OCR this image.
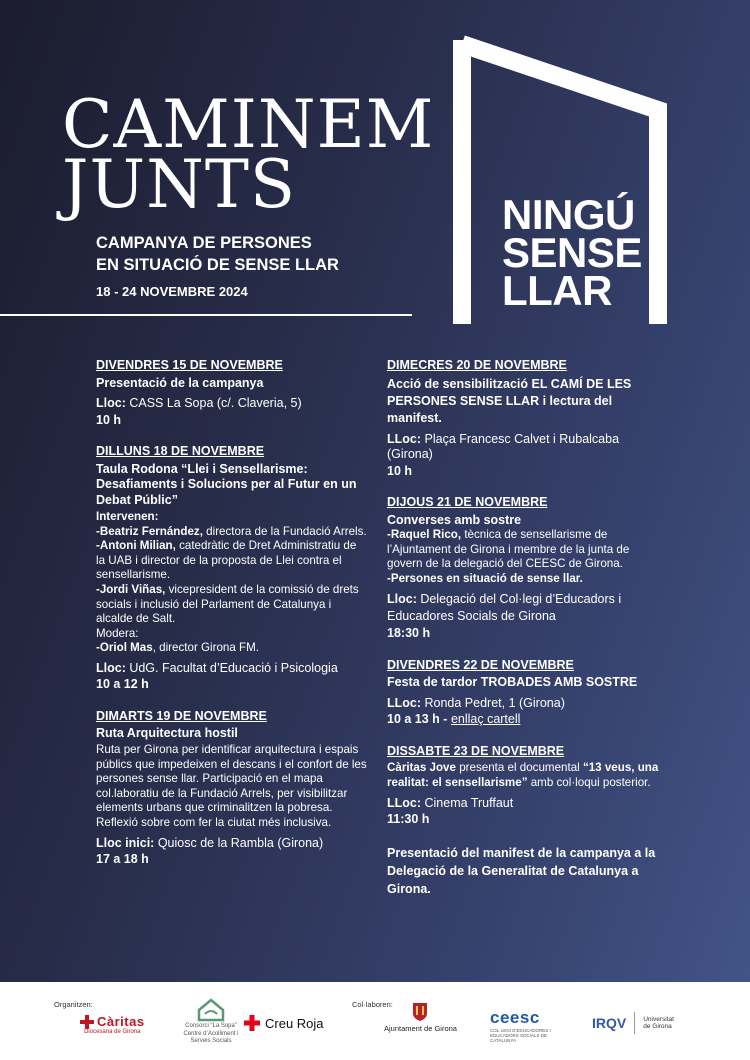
CAMINEM
JUNTS
CAMPANYA DE PERSONES
EN SITUACIÓ DE SENSE LLAR
18 - 24 NOVEMBRE 2024
NINGÚ
SENSE
LLAR
DIVENDRES 15 DE NOVEMBRE
Presentació de la campanya
Lloc: CASS La Sopa (c/. Claveria, 5)
10 h
DILLUNS 18 DE NOVEMBRE
Taula Rodona “Llei i Sensellarisme: Desafiaments i Solucions per al Futur en un Debat Públic”
Intervenen:
-Beatriz Fernández, directora de la Fundació Arrels.
-Antoni Milian, catedràtic de Dret Administratiu de la UAB i director de la proposta de Llei contra el sensellarisme.
-Jordi Viñas, vicepresident de la comissió de drets socials i inclusió del Parlament de Catalunya i alcalde de Salt.
Modera:
-Oriol Mas, director Girona FM.
Lloc: UdG. Facultat d’Educació i Psicologia
10 a 12 h
DIMARTS 19 DE NOVEMBRE
Ruta Arquitectura hostil
Ruta per Girona per identificar arquitectura i espais públics que impedeixen el descans i el confort de les persones sense llar. Participació en el mapa col.laboratiu de la Fundació Arrels, per visibilitzar elements urbans que criminalitzen la pobresa. Reflexió sobre com fer la ciutat més inclusiva.
Lloc inici: Quiosc de la Rambla (Girona)
17 a 18 h
DIMECRES 20 DE NOVEMBRE
Acció de sensibilització EL CAMÍ DE LES PERSONES SENSE LLAR i lectura del manifest.
LLoc: Plaça Francesc Calvet i Rubalcaba (Girona)
10 h
DIJOUS 21 DE NOVEMBRE
Converses amb sostre
-Raquel Rico, tècnica de sensellarisme de l’Ajuntament de Girona i membre de la junta de govern de la delegació del CEESC de Girona.
-Persones en situació de sense llar.
Lloc: Delegació del Col·legi d’Educadors i Educadores Socials de Girona
18:30 h
DIVENDRES 22 DE NOVEMBRE
Festa de tardor TROBADES AMB SOSTRE
LLoc: Ronda Pedret, 1 (Girona)
10 a 13 h - enllaç cartell
DISSABTE 23 DE NOVEMBRE
Càritas Jove presenta el documental “13 veus, una realitat: el sensellarisme” amb col·loqui posterior.
LLoc: Cinema Truffaut
11:30 h
Presentació del manifest de la campanya a la Delegació de la Generalitat de Catalunya a Girona.
Organitzen:	Col·laboren:
Càritas
Diocesana de Girona
Consorci “La Sopa”
Centre d’Acolliment i Serveis Socials
Creu Roja	Ajuntament de Girona
ceesc
COL·LEGI D’EDUCADORES I EDUCADORS SOCIALS DE CATALUNYA
IRQV	Universitat
de Girona
